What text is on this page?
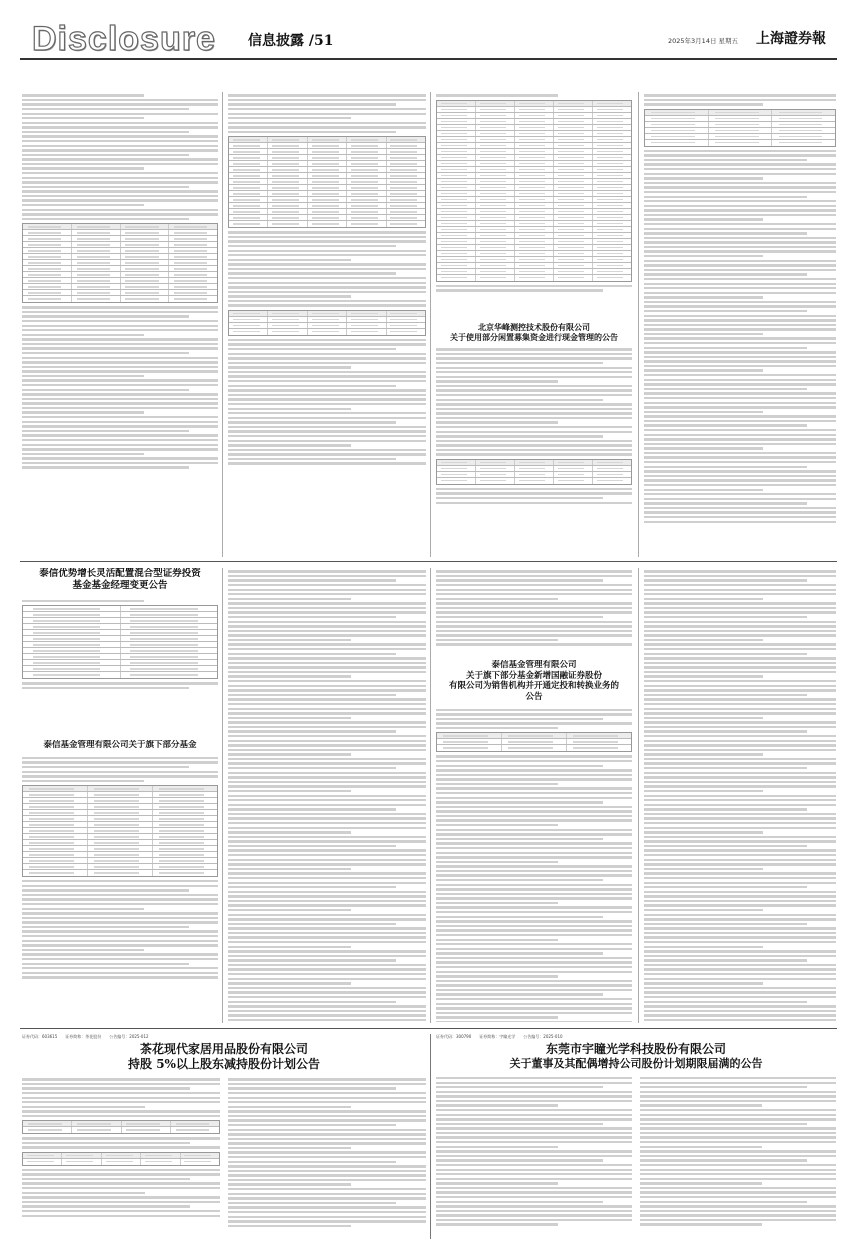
Disclosure 信息披露 /51	2025年3月14日 星期五 上海證券報
北京华峰测控技术股份有限公司
关于使用部分闲置募集资金进行现金管理的公告
泰信优势增长灵活配置混合型证券投资
基金基金经理变更公告
泰信基金管理有限公司关于旗下部分基金
泰信基金管理有限公司
关于旗下部分基金新增国融证券股份
有限公司为销售机构并开通定投和转换业务的
公告
证券代码：603615 证券简称：茶花股份 公告编号：2025-012
茶花现代家居用品股份有限公司
持股 5%以上股东减持股份计划公告
证券代码：300790 证券简称：宇瞳光学 公告编号：2025-010
东莞市宇瞳光学科技股份有限公司
关于董事及其配偶增持公司股份计划期限届满的公告
